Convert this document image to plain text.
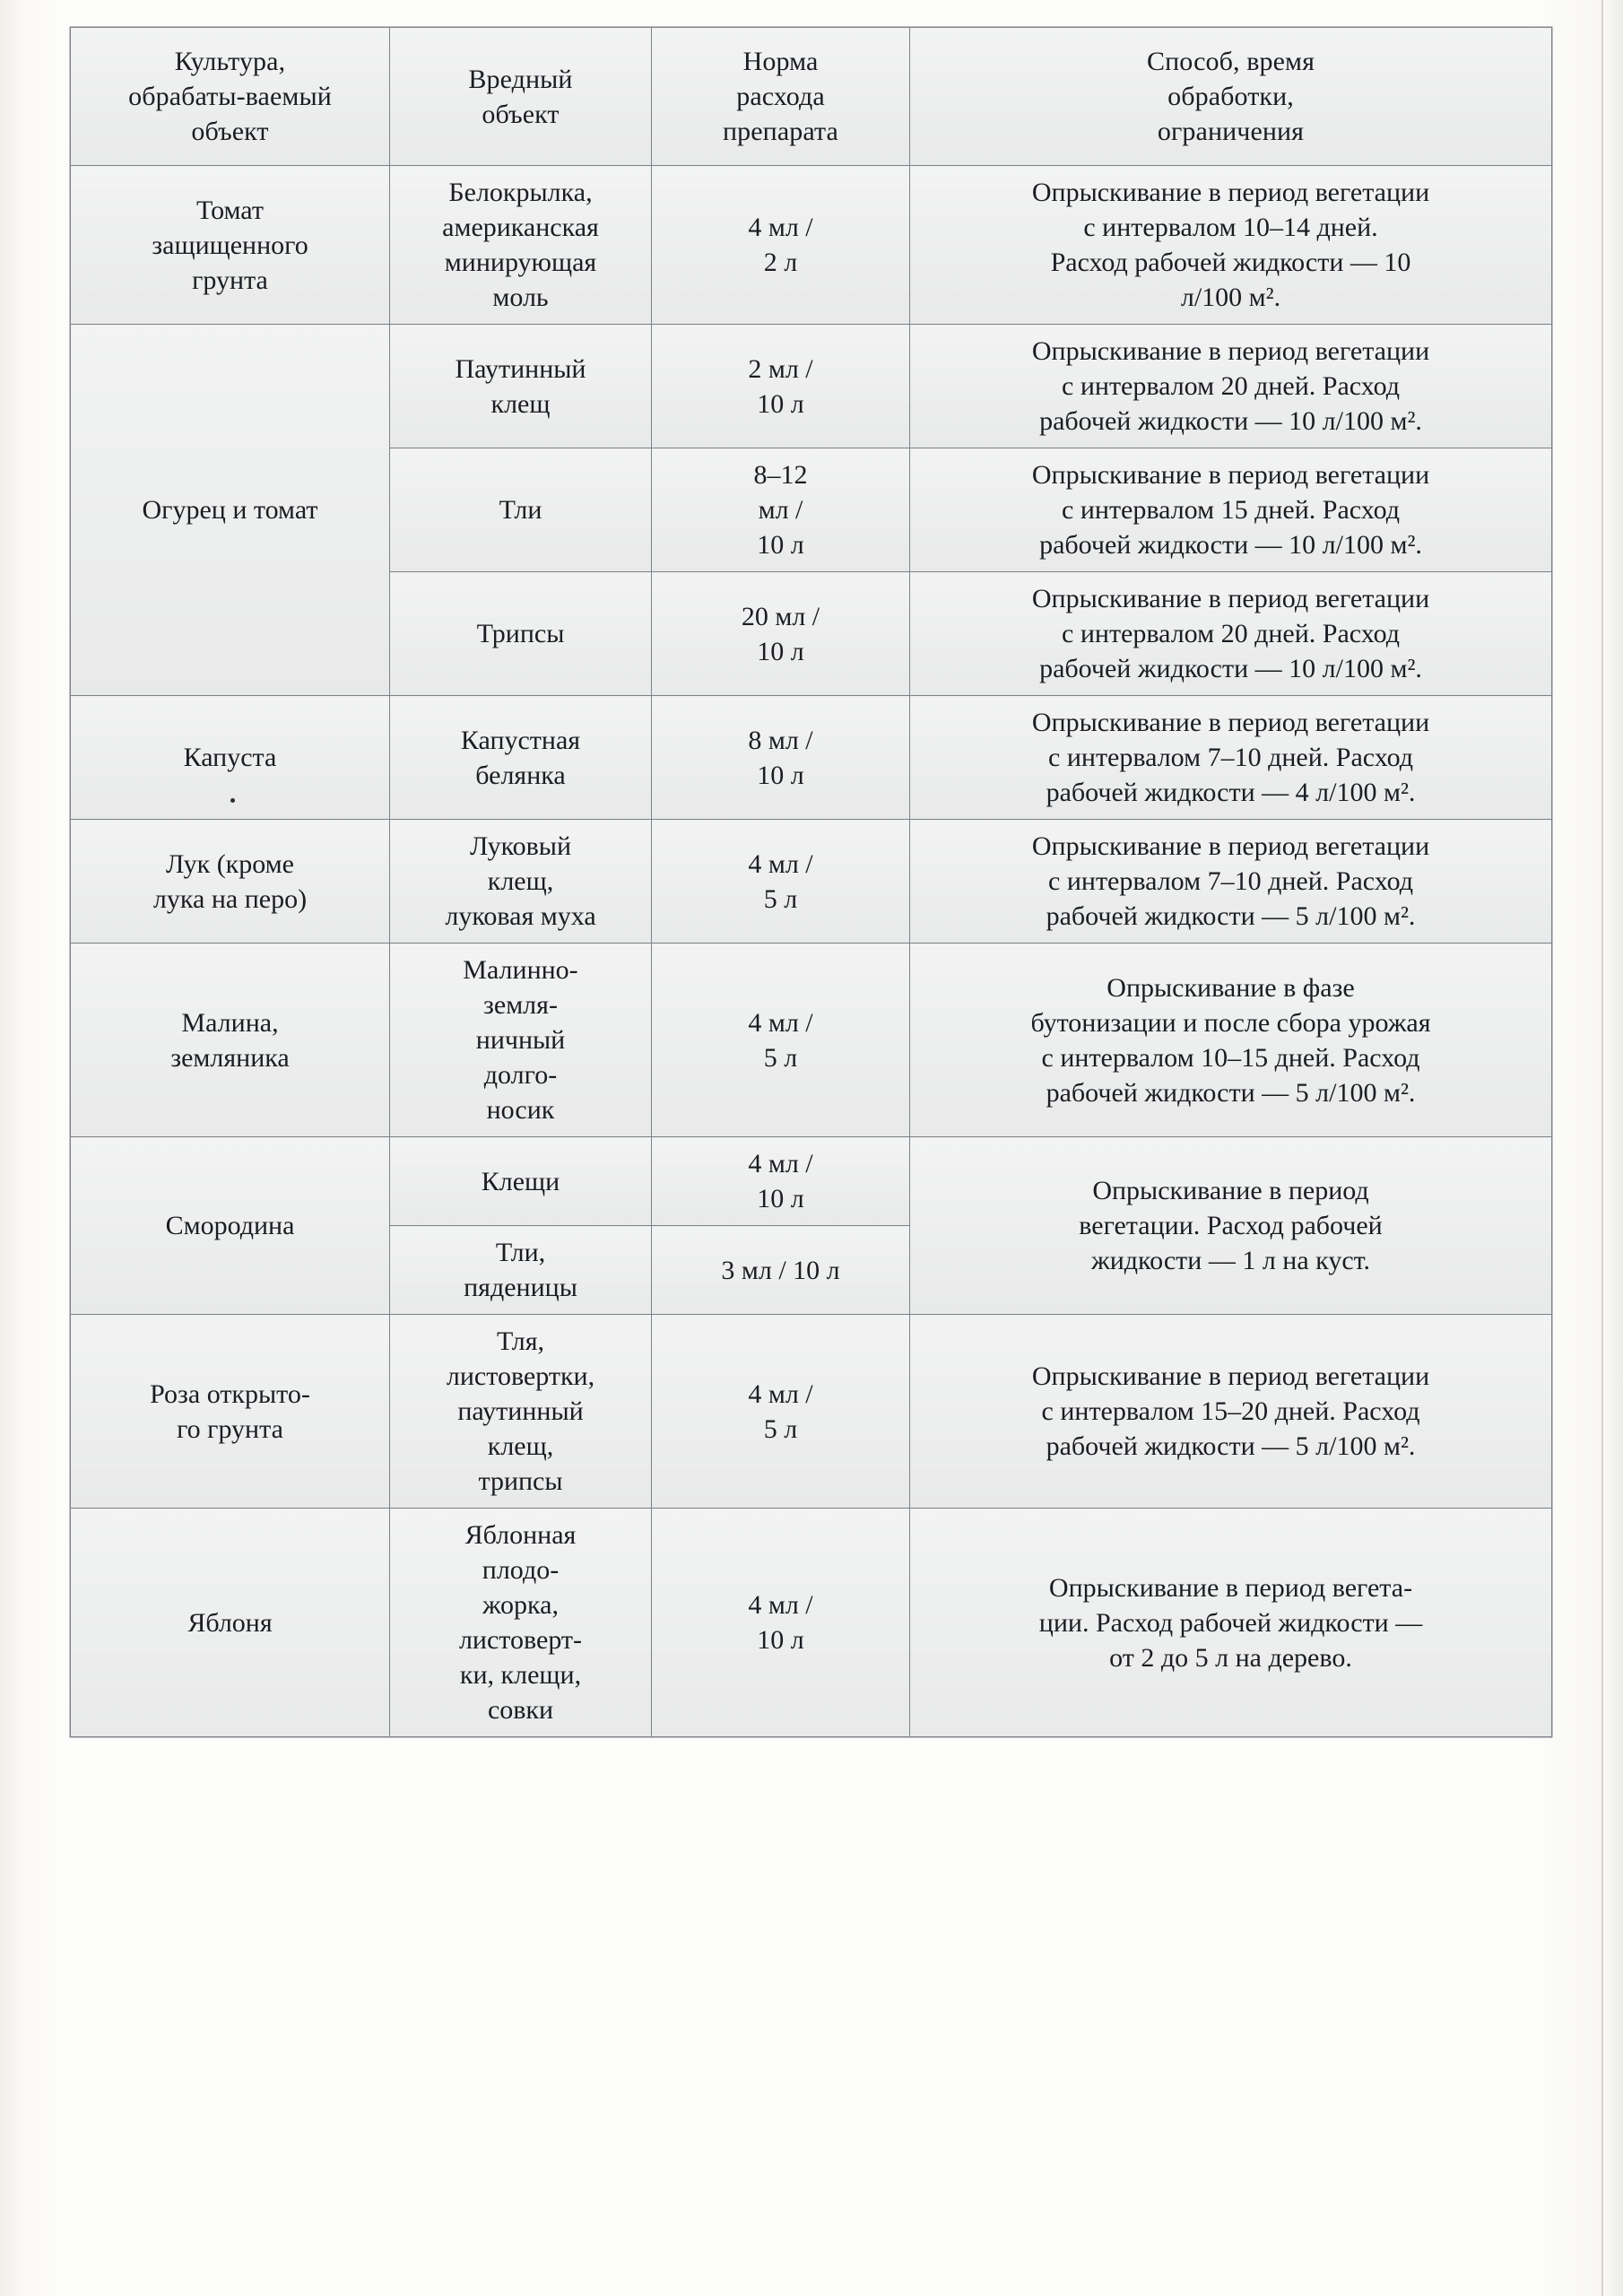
Культура,
обрабаты-ваемый
объект	Вредный
объект	Норма
расхода
препарата	Способ, время
обработки,
ограничения
Томат
защищенного
грунта	Белокрылка,
американская
минирующая
моль	4 мл /
2 л	Опрыскивание в период вегетации
с интервалом 10–14 дней.
Расход рабочей жидкости — 10
л/100 м².
Огурец и томат	Паутинный
клещ	2 мл /
10 л	Опрыскивание в период вегетации
с интервалом 20 дней. Расход
рабочей жидкости — 10 л/100 м².
	Тли	8–12
мл /
10 л	Опрыскивание в период вегетации
с интервалом 15 дней. Расход
рабочей жидкости — 10 л/100 м².
	Трипсы	20 мл /
10 л	Опрыскивание в период вегетации
с интервалом 20 дней. Расход
рабочей жидкости — 10 л/100 м².
Капуста	Капустная
белянка	8 мл /
10 л	Опрыскивание в период вегетации
с интервалом 7–10 дней. Расход
рабочей жидкости — 4 л/100 м².
Лук (кроме
лука на перо)	Луковый
клещ,
луковая муха	4 мл /
5 л	Опрыскивание в период вегетации
с интервалом 7–10 дней. Расход
рабочей жидкости — 5 л/100 м².
Малина,
земляника	Малинно-
земля-
ничный
долго-
носик	4 мл /
5 л	Опрыскивание в фазе
бутонизации и после сбора урожая
с интервалом 10–15 дней. Расход
рабочей жидкости — 5 л/100 м².
Смородина	Клещи	4 мл /
10 л	Опрыскивание в период
вегетации. Расход рабочей
жидкости — 1 л на куст.
	Тли,
пяденицы	3 мл / 10 л	
Роза открыто-
го грунта	Тля,
листовертки,
паутинный
клещ,
трипсы	4 мл /
5 л	Опрыскивание в период вегетации
с интервалом 15–20 дней. Расход
рабочей жидкости — 5 л/100 м².
Яблоня	Яблонная
плодо-
жорка,
листоверт-
ки, клещи,
совки	4 мл /
10 л	Опрыскивание в период вегета-
ции. Расход рабочей жидкости —
от 2 до 5 л на дерево.
